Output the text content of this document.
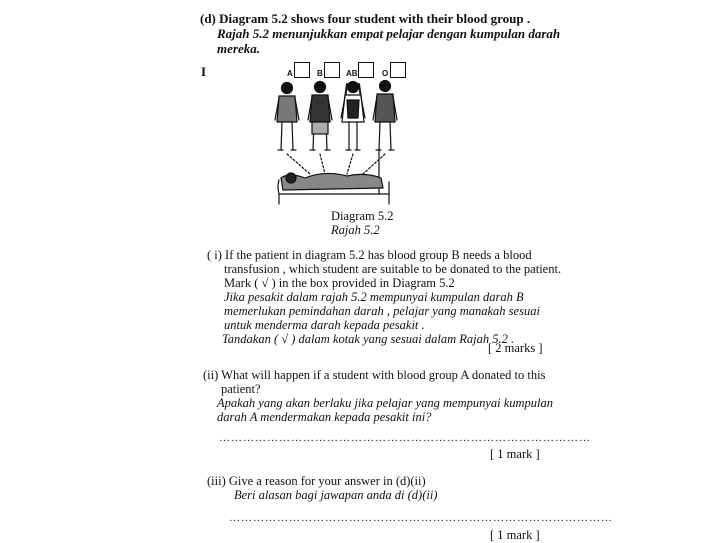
(d) Diagram 5.2 shows four student with their blood group .
Rajah 5.2 menunjukkan empat pelajar dengan kumpulan darah
mereka.
I	A	B	AB	O
Diagram 5.2
Rajah 5.2
( i) If the patient in diagram 5.2 has blood group B needs a blood
transfusion , which student are suitable to be donated to the patient.
Mark ( √ ) in the box provided in Diagram 5.2
Jika pesakit dalam rajah 5.2 mempunyai kumpulan darah B
memerlukan pemindahan darah , pelajar yang manakah sesuai
untuk menderma darah kepada pesakit .
Tandakan ( √ ) dalam kotak yang sesuai dalam Rajah 5.2 .
[ 2 marks ]
(ii) What will happen if a student with blood group A donated to this
patient?
Apakah yang akan berlaku jika pelajar yang mempunyai kumpulan
darah A mendermakan kepada pesakit ini?
…………………………………………………………………………………
[ 1 mark ]
(iii) Give a reason for your answer in (d)(ii)
Beri alasan bagi jawapan anda di (d)(ii)
……………………………………………………………………………………
[ 1 mark ]
